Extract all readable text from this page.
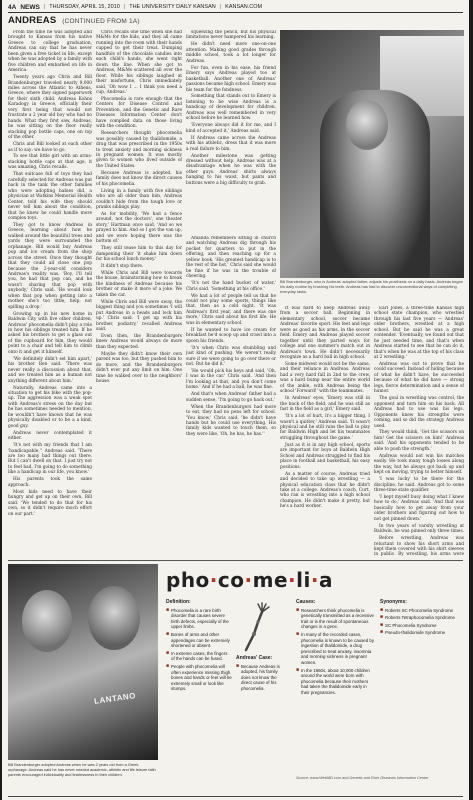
4A NEWS | THURSDAY, APRIL 15, 2010 | THE UNIVERSITY DAILY KANSAN | KANSAN.COM
ANDREAS (CONTINUED FROM 1A)

From the time he was adopted and brought to Kansas from his native Greece to college graduation, Andreas can say that he has never been given a free ticket in life, except when he was adopted by a family with five children and embarked on life in America.

Twenty years ago Chris and Bill Brandenburger traveled nearly 9,000 miles across the Atlantic to Athens, Greece, where they signed paperwork for their sixth child. Andreas Kohns Karadogy in Greece, officially their very first being that would not frustrate a 2 year old boy who had no hands. What they first saw, Andreas, he was sitting on the floor really stacking pop bottle caps, one on top of the other.

Chris and Bill looked at each other as if to say: we have to go.

To see that little girl with an arms-stacking bottle caps at that age, it was amazing, Chris recalls.

That suitcase full of toys they had carefully selected for Andreas was put back in the tank the other families who were adopting babies did, a physician at Watkins Memorial Health Center, told his wife they should never tell him about the condition, that he knew he could handle more complex toys.

They got to know Andreas in Greece, learning about how he walked around the beautiful trees and yards they were surrounded the orphanage. Bill would buy Andreas pop and ice cream from the shop across the street. Once they thought that they could all close one pop because the 2-year-old considers Andreas's reality was. 'Boy, I'll tell you, he had that pop can, and he wasn't sharing that pop with anybody,' Chris said. 'He would look when that pop when getting into a mother she's too little, help, not spilling a drop.'

Growing up in his new home in Baldwin City with five other children, Andreas' phocomelia didn't play a role in how his siblings treated him. If he asked his brothers to get a glass out of the cupboard for him, they would point to a chair and tell him to climb onto it and get it himself.

'We definitely didn't set him apart,' his brother Ben said. 'There was never really a discussion about that, and we treated him as a human not anything different about him.'

Naturally, Andreas came into a situation to get his bike with the pop-up. The aggression was a weak spot with Andreas's stress on the day but he has sometimes needed to mention, he wouldn't have known that he was physically disabled or to be a a kind, good guy.

Andreas never contemplated it either.

'It's not with my friends that I am 'handicapable,'' Andreas said. 'There are too many bad things out there. But I can't dwell on that. I just try not to feel bad. I'm going to do something like a handicap in our life, you know.'

His parents took the same approach.

Most kids need to have their hungry and get up on their own, Bill said. 'We tended to do that for his own, so it didn't require much effort on our part.'

Chris recalls one time when she had M&Ms for the kids, and they all came running into the room with their hands cupped to get their treat. Dumping handfuls of the chocolate candies into each child's hands, she went right down the line. When she got to Andreas, M&Ms scattered all over the floor. While his siblings laughed at their misfortune, Chris immediately said, 'Oh wow I ... I think you need a cup, Andreas.'

Phocomelia is rare enough that the Centers for Disease Control and Prevention, and the Genetic and Rare Diseases Information Center don't have complied data on those living with the condition.

Researchers thought phocomelia was possibly caused by thalidomide, a drug that was prescribed in the 1950s to treat anxiety and morning sickness in pregnant women. It was mostly given to women who lived outside of the United States.

Because Andreas is adopted, his family does not know the direct causes of his phocomelia.

Living in a family with five siblings who are all older than him, Andreas couldn't hide from the tough love or pranks siblings play.

As for mobility, 'We had a fence around, not the doctors', one theater story,' Hartman once said. 'And so we prayed to him. And so I got the van up, and we were hoping there was the bottom of.'

They still tease him to this day for dampening their 'it shake him down for his school lunch money.'

It didn't stop there.

While Chris and Bill were towards the house, brainstorming how to break the kindness of Andreas because his brother or make it more of a joke. We taken the car.

While Chris and Bill were away, the biggest thing and you sometimes 'I will put Andreas in a heads and lock him up.' Chris said. 'I got up with his brother, podiatry,' recalled Andreas said.

Even then, the Brandenburgers knew Andreas would always do more than they expected.

Maybe they didn't know their own parent was too, but they pushed him to do more, and the Brandenburgers didn't ever put any limit on him. One time he walked over to the neighbors' house.

squeezing the pencil, but his physical limitations never hampered his learning.

He didn't need more one-on-one attention. Making good grades through middle school, took a lot longer for Andreas.

For fun, even in his ease, his friend Emery says Andreas played too at basketball. Another one of Andreas' passions became high school. Emery was his team for the fondness.

Something that stands out to Emery is listening to be wise Andreas is a handicap of development for children. Andreas was well remembered in very school before he learned how.

'Everyone always did it for me, and I kind of accepted it,' Andreas said.

If Andreas came across the Andreas with his athletic, dress that it was more a real failure to him.

Another milestone was getting dressed without help. Andreas was at a disadvantage when he was with the other guys. Andreas' shirts always hanging to his waist, but pants and buttons were a big difficulty to grab.

Amanda remembers sitting in church and watching Andreas dig through his pocket for quarters to put in the offering, and then reaching up for a yellow book. 'His greatest handicap is to the rest of the hot,' Chris said she would be fine if he was in the trouble of cheering.

'It's not the hand bucket of water,' Chris said. 'Something at his office.'

We had a lot of people tell us that he could not play some sports, things like that, then as a cold night. 'It was Andreas's first year, and there was one more,' Chris said about his first life. He was in elementary school.

If he wanted to have ice cream for breakfast he'd scoop up and crawl into a spoon his friends.

'It's when Chris was stumbling and just kind of pushing. We weren't really sure if we were going to go over there or not. But he did it.'

'He would pick his keys and said, 'Oh, I was in the car.' Chris said. 'And then I'm looking at that, and you don't come home.' And if he had a ball, he was fine.

And that's when Andreas' father had a sudden sense, 'I'm going to go back out.'

When the Brandenburgers had more to eat, they had no pens left for school. 'You know,' Chris said, 'he didn't have hands but he could use everything. His family kids wanted to touch them, so they were like, 'Oh, he has, he has.''

It was hard to keep Andreas away from a soccer ball. Beginning in elementary school, soccer became Andreas' favorite sport. His feet and legs were as good as his arms, in the soccer field. Emery and Andreas played soccer together until they parted ways for college and one summer's match out in Andreas's town. He didn't necessarily recognize as a hard ball in high school.

Some midwest would not be the same, and their reliance in Andreas. Andreas had a very hard fall in 2nd to the crew, was a hard bump near the entire world of the ankle, with Andreas being the school 'Forward!' with the teammates.

In Andreas' eyes, 'Emery was still in the back of the field, and he was still as fast in the field as a girl,' Emery said.

'It's a lot of hurt, it's a bigger thing. I wasn't a quitter,' Andreas said. 'It wasn't physical and he still runs the ball to play for Baldwin High and let his teammates struggling throughout the game.'

Just as it is in any high school, sports are important for boys at Baldwin High School and Andreas struggled to find his place in football and basketball, his easy positions.

As a matter of course, Andreas tried and decided to take up wrestling — a physical education class that he didn't take at a college. Andreas's coach, Curt, who ran is wrestling into a high school champion. He didn't make it pretty, but he's a hard worker.

Earl Jones, a three-time Kansas high school state champion, who wrestled through his last five years — Andreas' older brothers, wrestled at a high school. But he said he was a great contender. 'Eventually, we found out that he just needed time, and that's when Andreas started to see that he can do it, that's when he was at the top of his class at 2 wrestling.'

Andreas was out to prove that he could succeed. Instead of hiding because of what he didn't have, he succeeded because of what he did have — strong legs, fierce determination and a sense of humor.

The goal in wrestling was control, the opponent and turn him on his back. All Andreas had to use was his legs. Opponents knew his strengths were coming, and so did the strategy Andreas used.

They would think, 'Get the scissors on him! Get the scissors on him!' Andreas said. 'And his opponents tended to be able to push the strength.'

Andreas would not win his matches easily. He took many tough losses along the way, but he always got back up and kept on moving, trying to better himself.

'I was lucky to be there for the discipline, he said. Andreas got to some three-time state qualifier.

'I kept myself busy doing what I knew how to do,' Andreas said. 'And that was basically how to get away from your older brothers and figuring out how to not get pinned down.'

In two years of varsity wrestling at Baldwin, he was pinned only three times.

Before wrestling, Andreas was reluctant to show his short arms and kept them covered with his shirt sleeves in public. By wrestling, his arms were

Bill Brandenburger, who is Andreas' adopted father, adjusts his prosthesis on a daily basis. Andreas began his daily routine by brushing his teeth. Andreas has had to discover unconventional ways of completing everyday tasks.
LANTANO
Bill Brandenburger adopted Andreas when he was 2 years old from a Greek orphanage. Andreas said he has never needed academic, athletic and life leisure faith parents encouraged individuality and fearlessness in their children.
pho·co·me·li·a
Definition:
■ Phocomelia is a rare birth disorder that causes severe birth defects, especially of the upper limbs.
■ Bones of arms and other appendages can be extremely shortened or absent.
■ In extreme cases, the fingers of the hands can be fused.
■ People with phocomelia will often experience missing thigh bones and hands or feet will be extremely small or look like stumps.
Andreas' Case:
■ Because Andreas is adopted, his family does not know the direct cause of his phocomelia.
Causes:
■ Researchers think phocomelia is genetically transmitted as a recessive trait or is the result of spontaneous changes in a gene.
■ In many of the recorded cases, phocomelia is known to be caused by ingestion of thalidomide, a drug prescribed to treat anxiety, insomnia and morning sickness in pregnant women.
■ In the 1960s, about 10,000 children around the world were born with phocomelia because their mothers had taken the thalidomide early in their pregnancies.
Synonyms:
■ Roberts SC Phocomelia Syndrome
■ Roberts Tetraphocomelia Syndrome
■ SC Phocomelia Syndrome
■ Pseudo-thalidomide Syndrome
Source: www.WebMD.com and Genetic and Rare Diseases Information Center
